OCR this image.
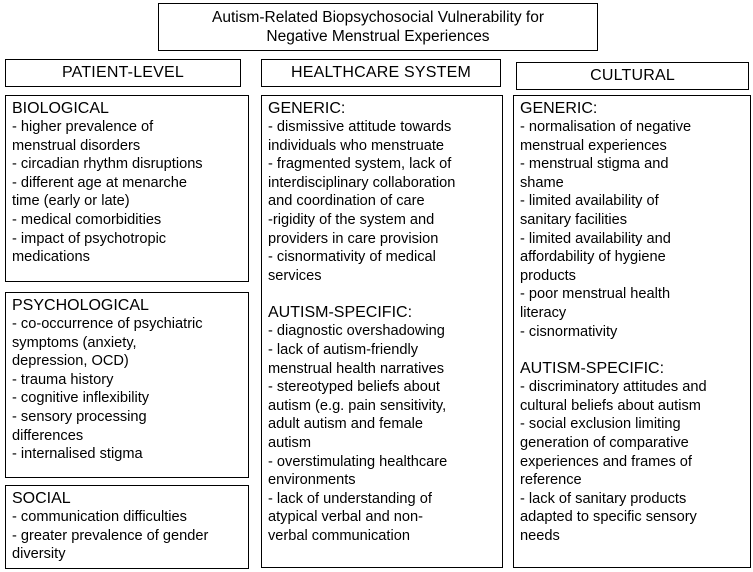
Autism-Related Biopsychosocial Vulnerability for
Negative Menstrual Experiences
PATIENT-LEVEL	HEALTHCARE SYSTEM	CULTURAL
BIOLOGICAL
- higher prevalence of
menstrual disorders
- circadian rhythm disruptions
- different age at menarche
time (early or late)
- medical comorbidities
- impact of psychotropic
medications
PSYCHOLOGICAL
- co-occurrence of psychiatric
symptoms (anxiety,
depression, OCD)
- trauma history
- cognitive inflexibility
- sensory processing
differences
- internalised stigma
SOCIAL
- communication difficulties
- greater prevalence of gender
diversity
GENERIC:
- dismissive attitude towards
individuals who menstruate
- fragmented system, lack of
interdisciplinary collaboration
and coordination of care
-rigidity of the system and
providers in care provision
- cisnormativity of medical
services
AUTISM-SPECIFIC:
- diagnostic overshadowing
- lack of autism-friendly
menstrual health narratives
- stereotyped beliefs about
autism (e.g. pain sensitivity,
adult autism and female
autism
- overstimulating healthcare
environments
- lack of understanding of
atypical verbal and non-
verbal communication
GENERIC:
- normalisation of negative
menstrual experiences
- menstrual stigma and
shame
- limited availability of
sanitary facilities
- limited availability and
affordability of hygiene
products
- poor menstrual health
literacy
- cisnormativity
AUTISM-SPECIFIC:
- discriminatory attitudes and
cultural beliefs about autism
- social exclusion limiting
generation of comparative
experiences and frames of
reference
- lack of sanitary products
adapted to specific sensory
needs
